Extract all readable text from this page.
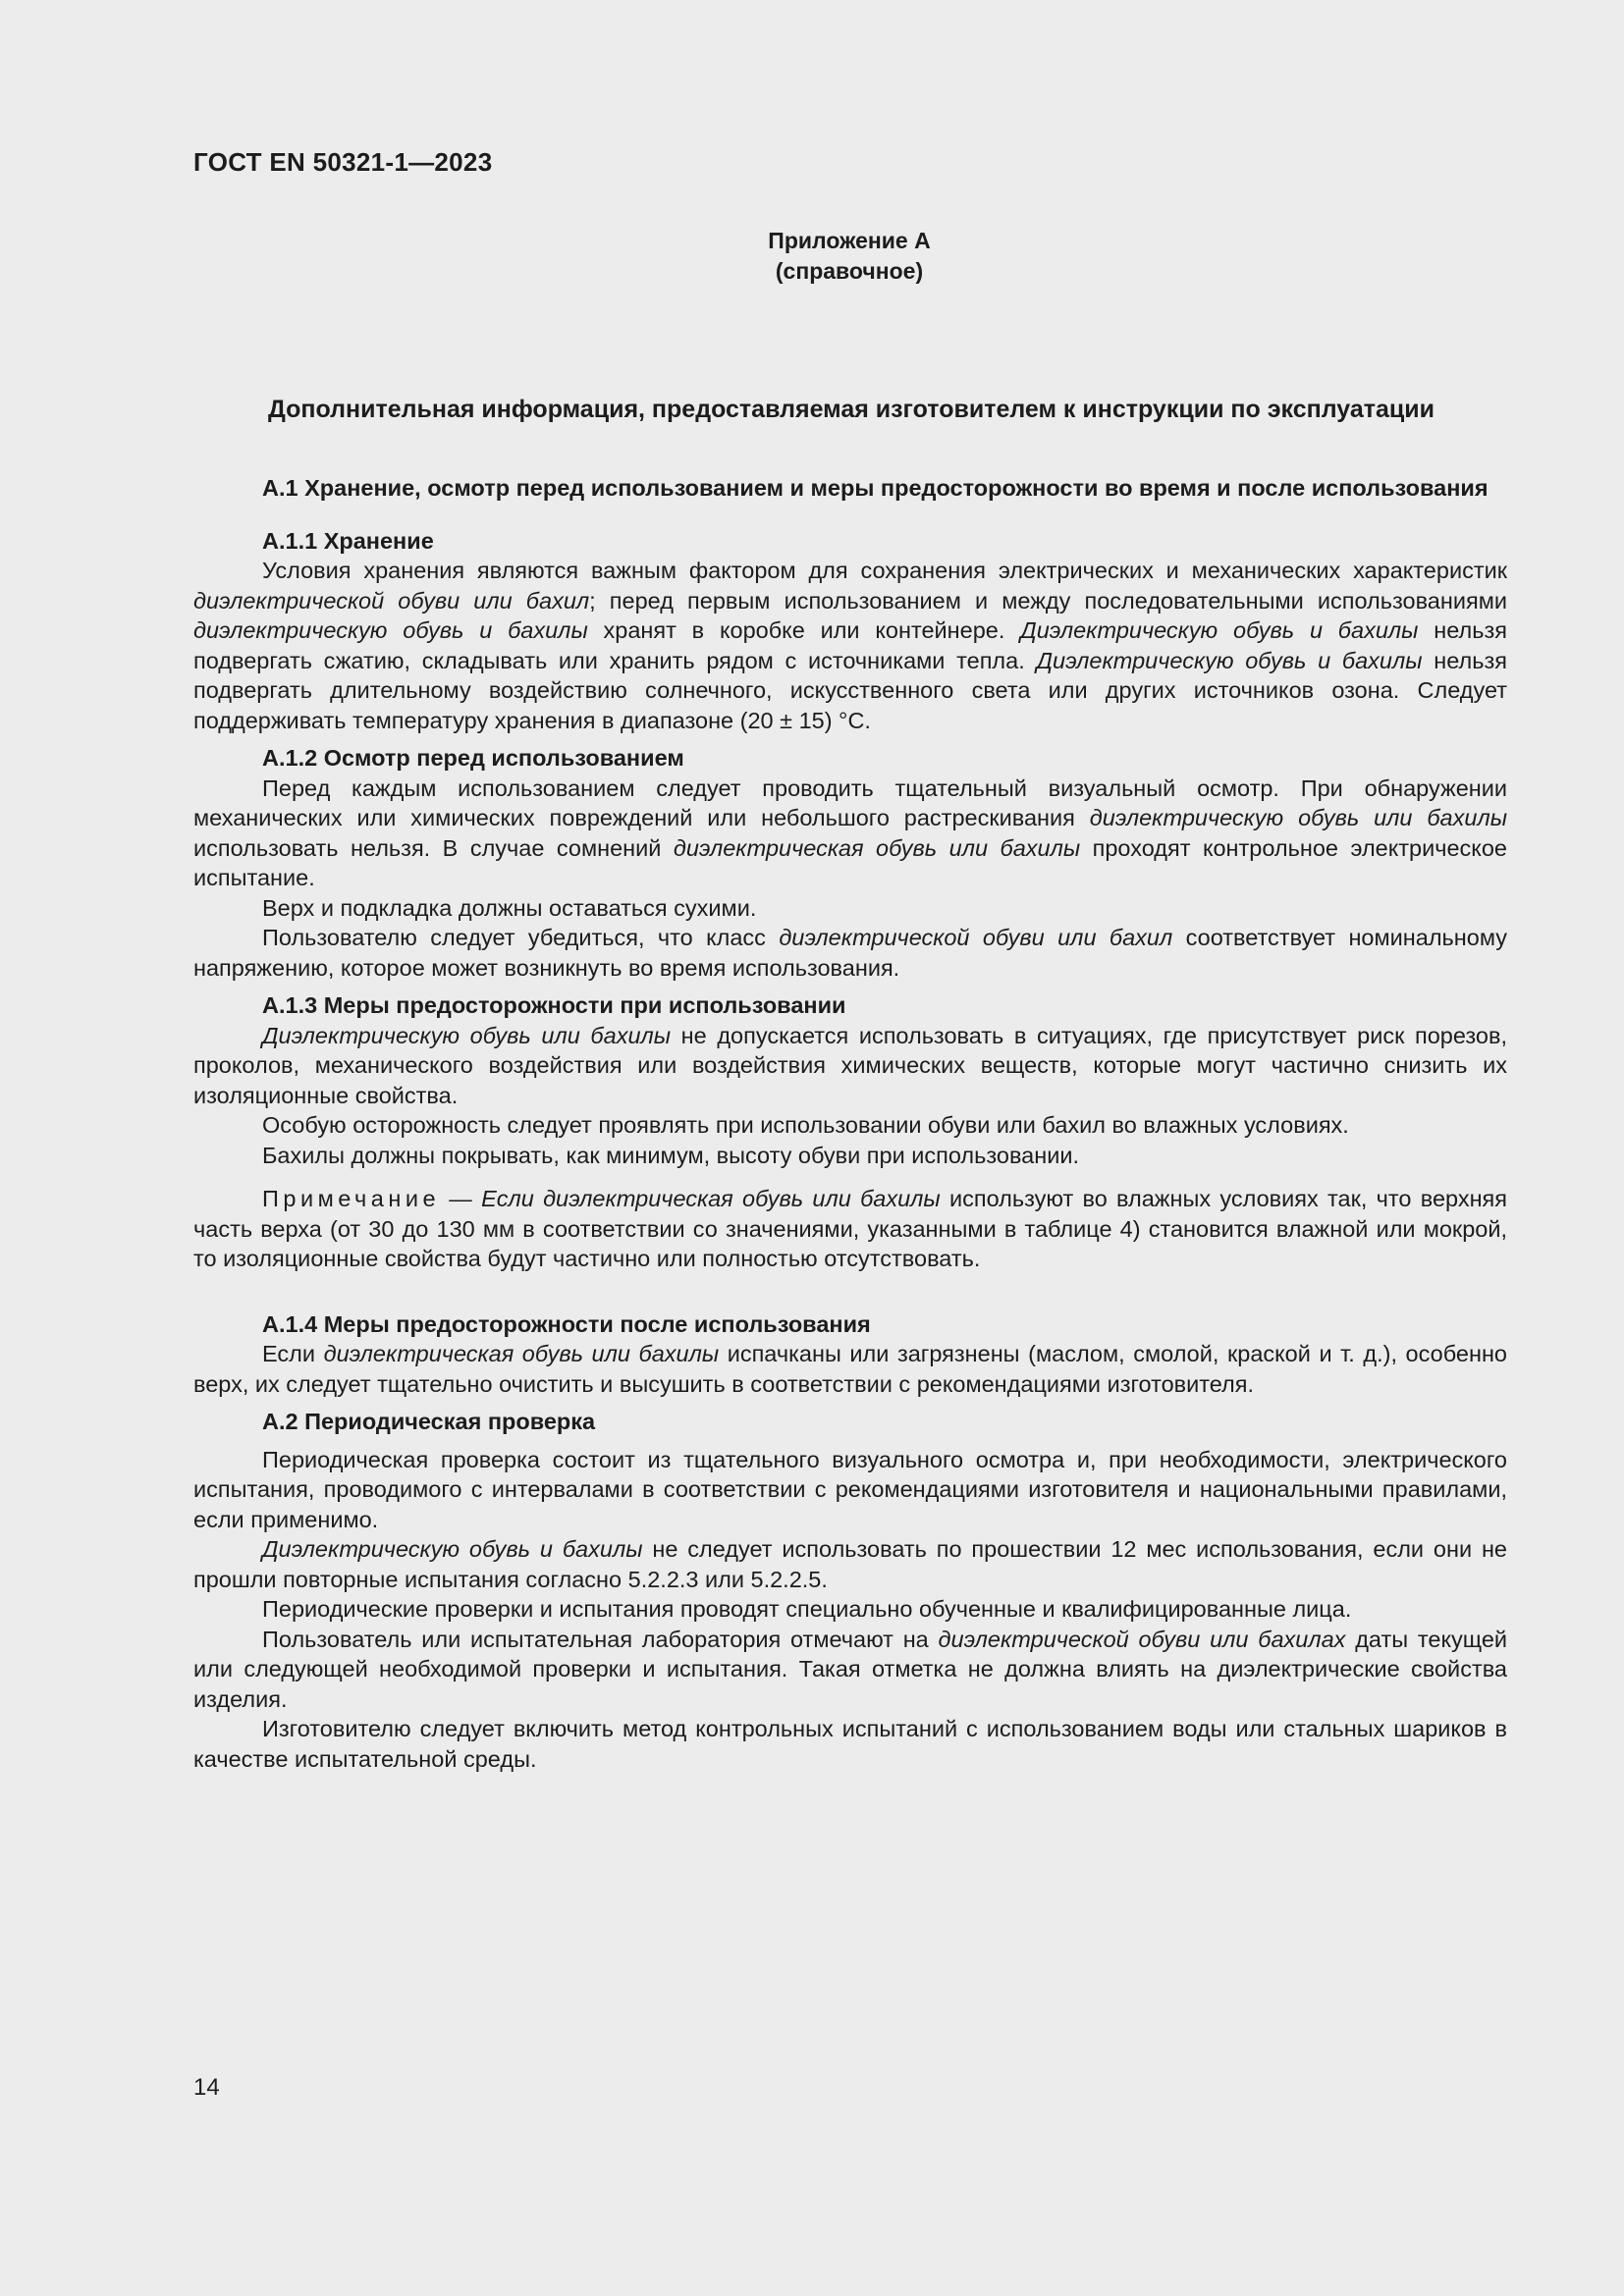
ГОСТ EN 50321-1—2023
Приложение А
(справочное)
Дополнительная информация, предоставляемая изготовителем к инструкции по эксплуатации
А.1 Хранение, осмотр перед использованием и меры предосторожности во время и после использования
А.1.1 Хранение

Условия хранения являются важным фактором для сохранения электрических и механических характеристик диэлектрической обуви или бахил; перед первым использованием и между последовательными использованиями диэлектрическую обувь и бахилы хранят в коробке или контейнере. Диэлектрическую обувь и бахилы нельзя подвергать сжатию, складывать или хранить рядом с источниками тепла. Диэлектрическую обувь и бахилы нельзя подвергать длительному воздействию солнечного, искусственного света или других источников озона. Следует поддерживать температуру хранения в диапазоне (20 ± 15) °С.

А.1.2 Осмотр перед использованием

Перед каждым использованием следует проводить тщательный визуальный осмотр. При обнаружении механических или химических повреждений или небольшого растрескивания диэлектрическую обувь или бахилы использовать нельзя. В случае сомнений диэлектрическая обувь или бахилы проходят контрольное электрическое испытание.

Верх и подкладка должны оставаться сухими.

Пользователю следует убедиться, что класс диэлектрической обуви или бахил соответствует номинальному напряжению, которое может возникнуть во время использования.

А.1.3 Меры предосторожности при использовании

Диэлектрическую обувь или бахилы не допускается использовать в ситуациях, где присутствует риск порезов, проколов, механического воздействия или воздействия химических веществ, которые могут частично снизить их изоляционные свойства.

Особую осторожность следует проявлять при использовании обуви или бахил во влажных условиях.

Бахилы должны покрывать, как минимум, высоту обуви при использовании.

Примечание — Если диэлектрическая обувь или бахилы используют во влажных условиях так, что верхняя часть верха (от 30 до 130 мм в соответствии со значениями, указанными в таблице 4) становится влажной или мокрой, то изоляционные свойства будут частично или полностью отсутствовать.

А.1.4 Меры предосторожности после использования

Если диэлектрическая обувь или бахилы испачканы или загрязнены (маслом, смолой, краской и т. д.), особенно верх, их следует тщательно очистить и высушить в соответствии с рекомендациями изготовителя.

А.2 Периодическая проверка

Периодическая проверка состоит из тщательного визуального осмотра и, при необходимости, электрического испытания, проводимого с интервалами в соответствии с рекомендациями изготовителя и национальными правилами, если применимо.

Диэлектрическую обувь и бахилы не следует использовать по прошествии 12 мес использования, если они не прошли повторные испытания согласно 5.2.2.3 или 5.2.2.5.

Периодические проверки и испытания проводят специально обученные и квалифицированные лица.

Пользователь или испытательная лаборатория отмечают на диэлектрической обуви или бахилах даты текущей или следующей необходимой проверки и испытания. Такая отметка не должна влиять на диэлектрические свойства изделия.

Изготовителю следует включить метод контрольных испытаний с использованием воды или стальных шариков в качестве испытательной среды.

14
